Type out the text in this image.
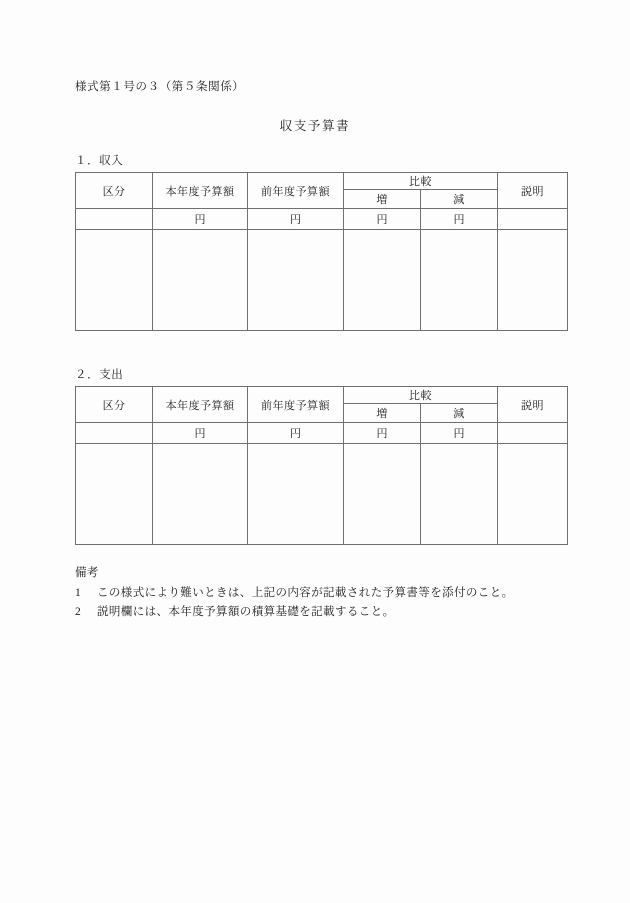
様式第１号の３（第５条関係）
収支予算書
１．収入
区分	本年度予算額	前年度予算額	比較		説明
			増	減	
	円	円	円	円	

２．支出
区分	本年度予算額	前年度予算額	比較		説明
			増	減	
	円	円	円	円	

備考
1 この様式により難いときは、上記の内容が記載された予算書等を添付のこと。
2 説明欄には、本年度予算額の積算基礎を記載すること。
